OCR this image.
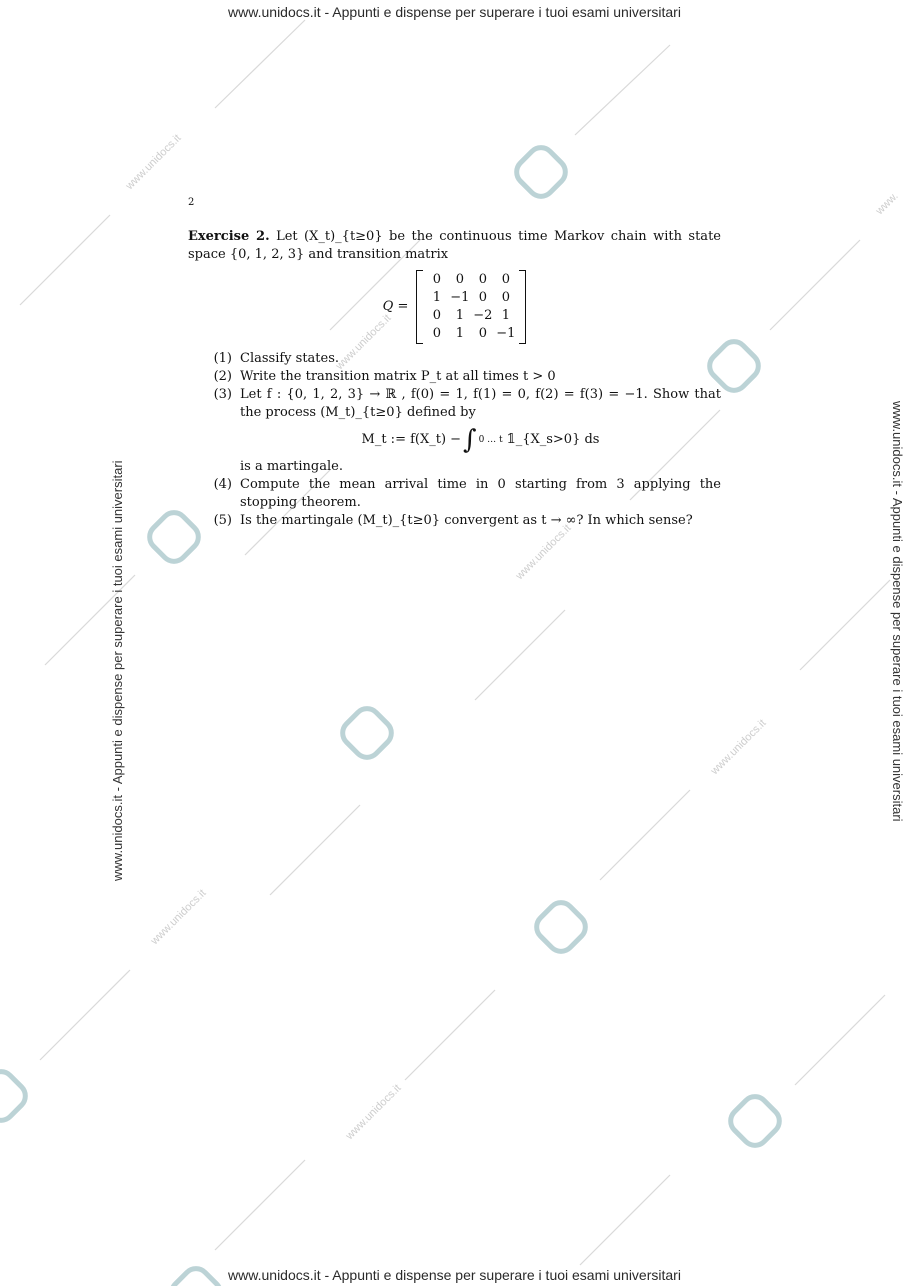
www.unidocs.it
www.unidocs.it
www.unidocs.it
www.unidocs.it
www.unidocs.it
www.unidocs.it
www.
www.unidocs.it - Appunti e dispense per superare i tuoi esami universitari
www.unidocs.it - Appunti e dispense per superare i tuoi esami universitari
www.unidocs.it - Appunti e dispense per superare i tuoi esami universitari	www.unidocs.it - Appunti e dispense per superare i tuoi esami universitari
2

Exercise 2. Let (X_t)_{t≥0} be the continuous time Markov chain with state space {0, 1, 2, 3} and transition matrix

Q =
0	0	0	0
1 −1 0	0
0	1 −2 1
0	1	0 −1
(1) Classify states.
(2) Write the transition matrix P_t at all times t > 0
(3) Let f : {0, 1, 2, 3} → ℝ , f(0) = 1, f(1) = 0, f(2) = f(3) = −1. Show that the process (M_t)_{t≥0} defined by
M_t := f(X_t) − ∫ 0 … t 𝟙_{X_s>0} ds
is a martingale.
(4) Compute the mean arrival time in 0 starting from 3 applying the stopping theorem.
(5) Is the martingale (M_t)_{t≥0} convergent as t → ∞? In which sense?
